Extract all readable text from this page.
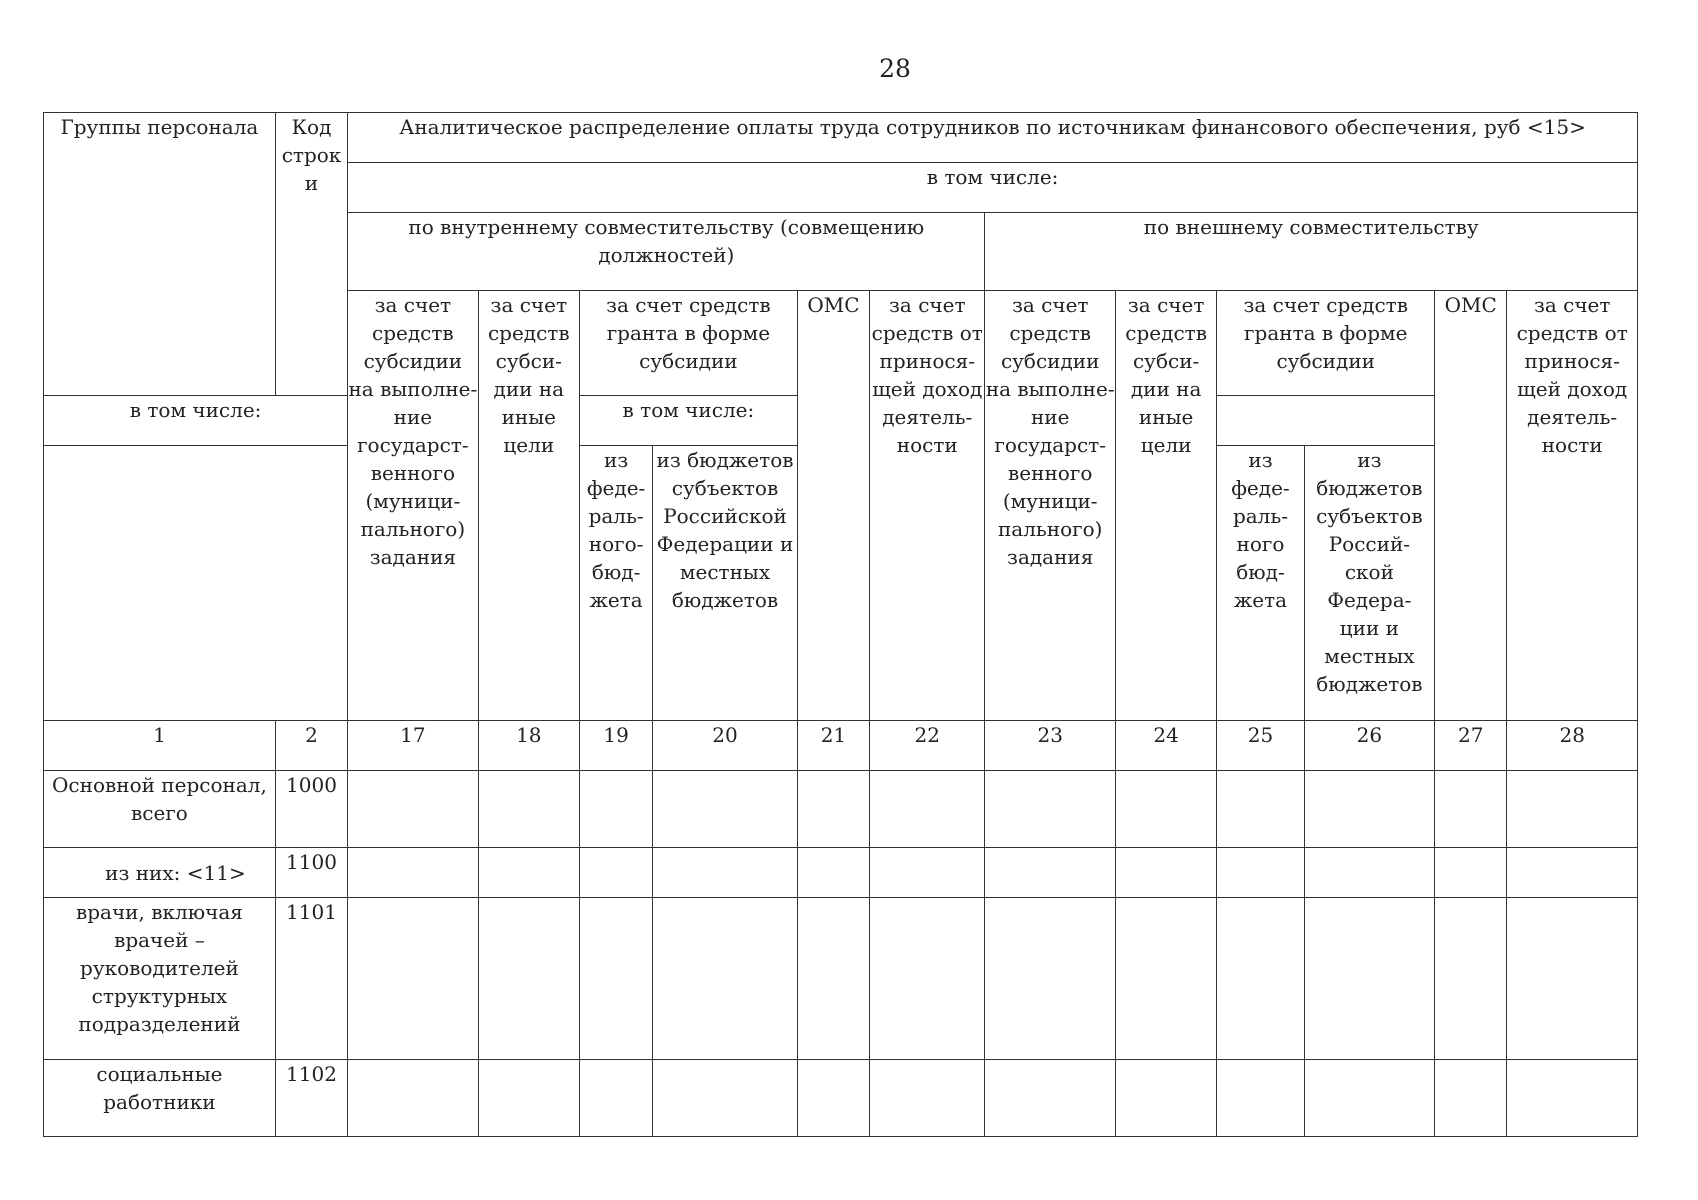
28
Группы персонала	Код строк и	Аналитическое распределение оплаты труда сотрудников по источникам финансового обеспечения, руб <15>											
		в том числе:											
		по внутреннему совместительству (совмещению должностей)						по внешнему совместительству					
		за счет средств субсидии на выполне- ние государст- венного (муници- пального) задания	за счет средств субси- дии на иные цели	за счет средств гранта в форме субсидии		ОМС	за счет средств от принося- щей доход деятель- ности	за счет средств субсидии на выполне- ние государст- венного (муници- пального) задания	за счет средств субси- дии на иные цели	за счет средств гранта в форме субсидии		ОМС	за счет средств от принося- щей доход деятель- ности
в том числе:				в том числе:									
				из феде- раль- ного- бюд- жета	из бюджетов субъектов Российской Федерации и местных бюджетов					из феде- раль- ного бюд- жета	из бюджетов субъектов Россий- ской Федера- ции и местных бюджетов		
1	2	17	18	19	20	21	22	23	24	25	26	27	28
Основной персонал, всего	1000												
из них: <11>	1100												
врачи, включая врачей – руководителей структурных подразделений	1101												
социальные работники	1102												
